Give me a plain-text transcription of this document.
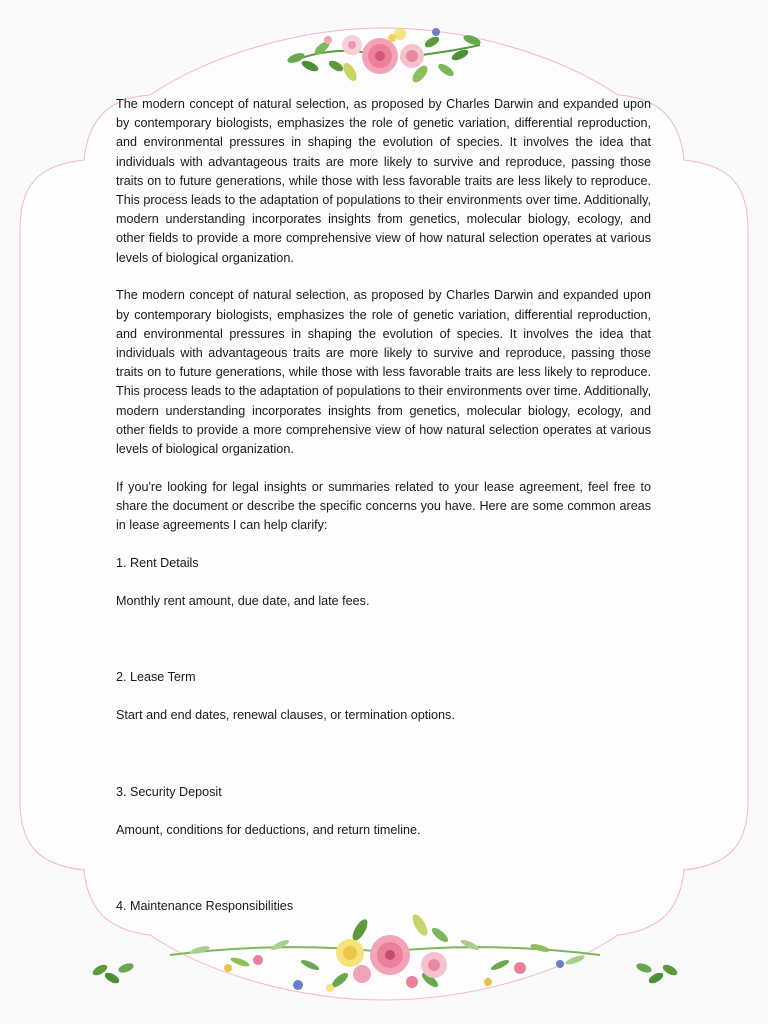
The modern concept of natural selection, as proposed by Charles Darwin and expanded upon by contemporary biologists, emphasizes the role of genetic variation, differential reproduction, and environmental pressures in shaping the evolution of species. It involves the idea that individuals with advantageous traits are more likely to survive and reproduce, passing those traits on to future generations, while those with less favorable traits are less likely to reproduce. This process leads to the adaptation of populations to their environments over time. Additionally, modern understanding incorporates insights from genetics, molecular biology, ecology, and other fields to provide a more comprehensive view of how natural selection operates at various levels of biological organization.

The modern concept of natural selection, as proposed by Charles Darwin and expanded upon by contemporary biologists, emphasizes the role of genetic variation, differential reproduction, and environmental pressures in shaping the evolution of species. It involves the idea that individuals with advantageous traits are more likely to survive and reproduce, passing those traits on to future generations, while those with less favorable traits are less likely to reproduce. This process leads to the adaptation of populations to their environments over time. Additionally, modern understanding incorporates insights from genetics, molecular biology, ecology, and other fields to provide a more comprehensive view of how natural selection operates at various levels of biological organization.

If you're looking for legal insights or summaries related to your lease agreement, feel free to share the document or describe the specific concerns you have. Here are some common areas in lease agreements I can help clarify:

1. Rent Details

Monthly rent amount, due date, and late fees.

2. Lease Term

Start and end dates, renewal clauses, or termination options.

3. Security Deposit

Amount, conditions for deductions, and return timeline.

4. Maintenance Responsibilities
